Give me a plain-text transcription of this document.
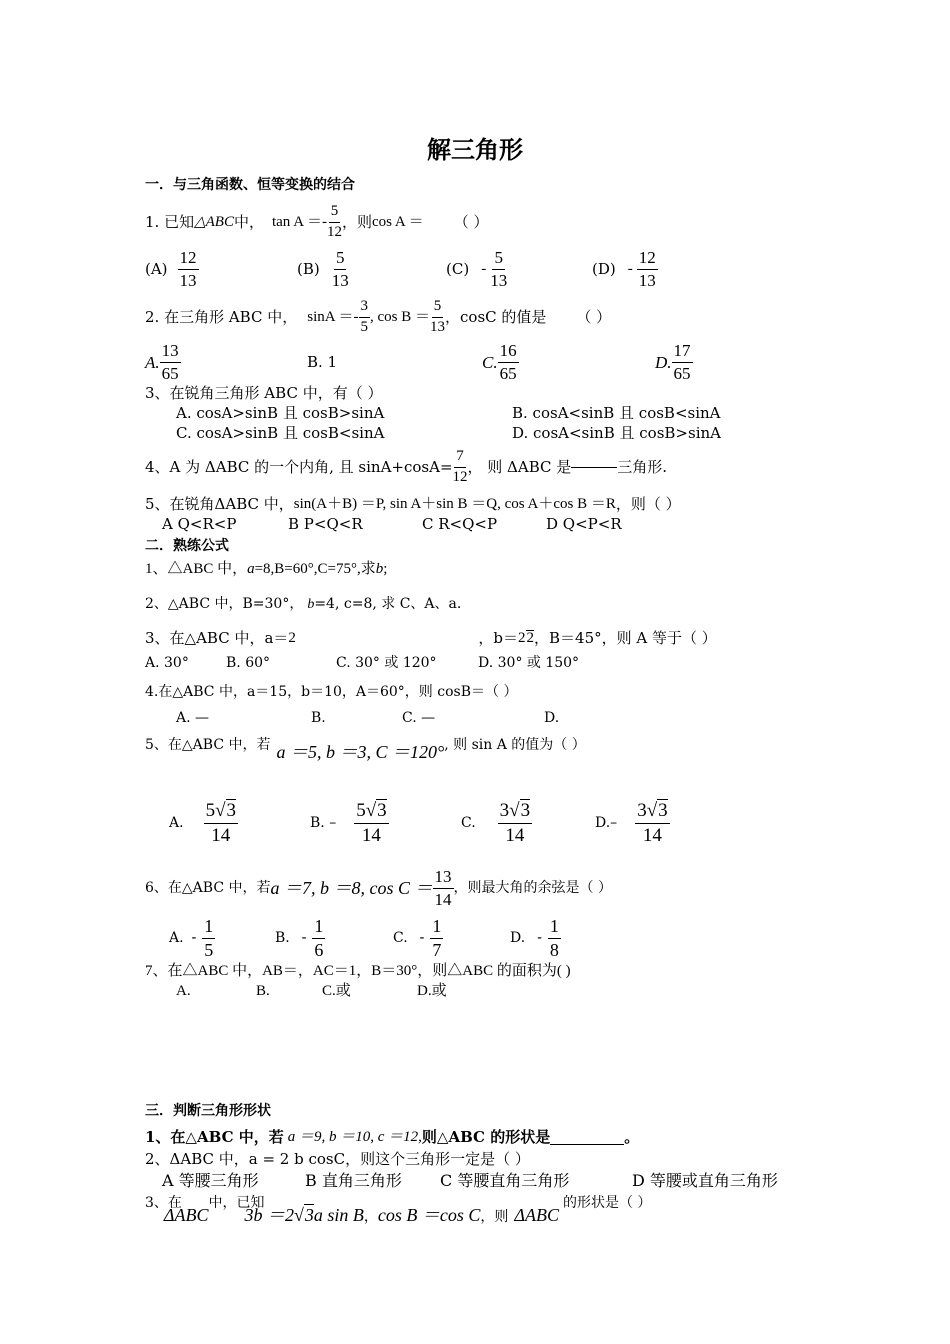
解三角形
一．与三角函数、恒等变换的结合
1. 已知 △ABC 中， $\tan A =- \frac{5}{12}$ ，则 cos A ＝ （ ）
$(A) \frac{12}{13}$	$(B) \frac{5}{13}$	$(C) - \frac{5}{13}$	$(D) - \frac{12}{13}$
2. 在三角形 ABC 中， $\sin A =- \frac{3}{5}$ , $\cos B = \frac{5}{13}$ ，cosC 的值是 （ ）
A. $\frac{13}{65}$	B. 1	C. $\frac{16}{65}$	D. $\frac{17}{65}$
3、在锐角三角形 ABC 中，有（ ）
A. cosA>sinB 且 cosB>sinA	B. cosA<sinB 且 cosB<sinA
C. cosA>sinB 且 cosB<sinA	D. cosA<sinB 且 cosB>sinA
4、A 为 ΔABC 的一个内角, 且 $\sin A+\cos A= \frac{7}{12}$ ， 则 ΔABC 是	三角形.
5、在锐角ΔABC 中， sin(A＋B) ＝P, sin A＋sin B ＝Q, cos A＋cos B ＝R ，则（ ）
A Q<R<P	B P<Q<R	C R<Q<P	D Q<P<R
二．熟练公式
1、△ABC 中，a=8,B=60°,C=75°,求b;
2、△ABC 中，B=30°， b=4, c=8, 求 C、A、a.
3、在△ABC 中，a＝ 2	，b＝ 2 2 ，B＝45°，则 A 等于（ ）
A. 30°	B. 60°	C. 30° 或 120°	D. 30° 或 150°
4.在△ABC 中，a＝15，b＝10，A＝60°，则 cosB＝（ ）
A. —	B.	C. —	D.
5、在△ABC 中，若 a ＝5, b ＝3, C ＝120° , 则 sin A 的值为（ ）
A. $\frac{5√3}{14}$	B. – $\frac{5√3}{14}$	C. $\frac{3√3}{14}$	$D.- \frac{3√3}{14}$
6、在△ABC 中，若 a ＝7, b ＝8, $\cos C = \frac{13}{14}$ ，则最大角的余弦是（ ）
A. - $\frac{1}{5}$	B. - $\frac{1}{6}$	C. - $\frac{1}{7}$	D. - $\frac{1}{8}$
7、在△ABC 中，AB＝，AC＝1，B＝30°，则△ABC 的面积为( )
A.	B.	C.或	D.或
三．判断三角形形状
1、在△ABC 中，若 a ＝9, b ＝10, c ＝12, 则△ABC 的形状是	。
2、ΔABC 中，a = 2 b cosC，则这个三角形一定是（ ）
A 等腰三角形	B 直角三角形 C 等腰直角三角形	D 等腰或直角三角形
3、在
ΔABC
中，已知
3b ＝2√3a sin B ， cos B ＝cos C ，则 ΔABC
的形状是（ ）
